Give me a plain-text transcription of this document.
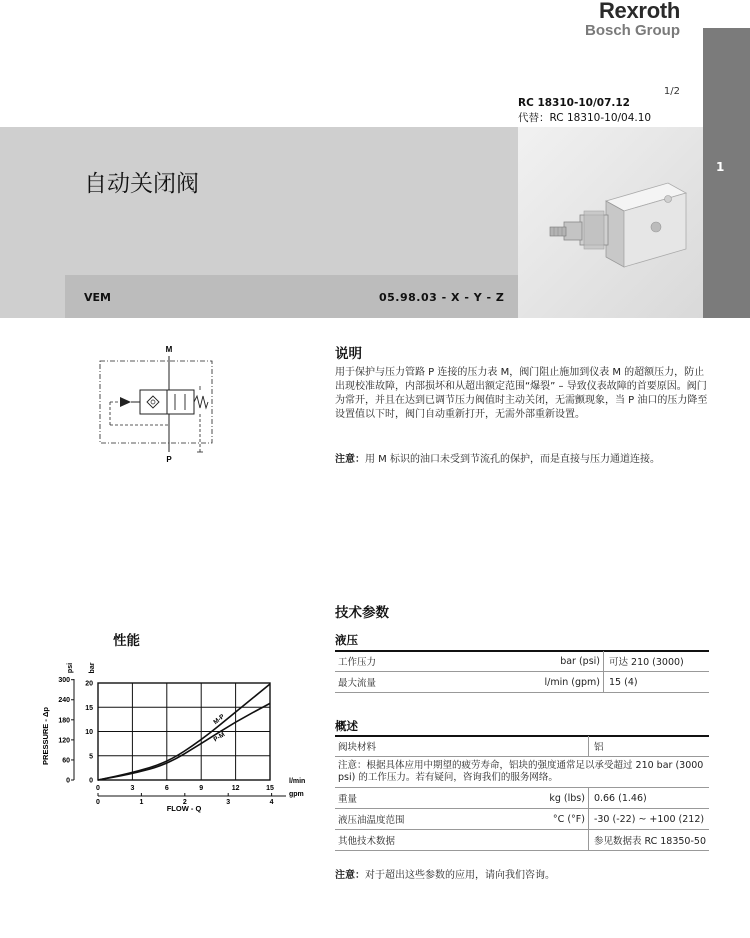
Rexroth
Bosch Group
1
1/2
RC 18310-10/07.12
代替：RC 18310-10/04.10
自动关闭阀
VEM	05.98.03 - X - Y - Z
M
P
说明
用于保护与压力管路 P 连接的压力表 M，阀门阻止施加到仪表 M 的超额压力，防止出现校准故障，内部损坏和从超出额定范围“爆裂” – 导致仪表故障的首要原因。阀门为常开，并且在达到已调节压力阀值时主动关闭，无需颤现象，当 P 油口的压力降至设置值以下时，阀门自动重新打开，无需外部重新设置。
注意：用 M 标识的油口未受到节流孔的保护，而是直接与压力通道连接。
性能
0	3	6	9	12	15
0
5
10
15
20
0
60
120
180
240
300
0	1	2	3	4
M-P
P-M
PRESSURE - Δp
psi bar
l/min
gpm
FLOW - Q
技术参数
液压
工作压力	bar (psi)	可达 210 (3000)
最大流量	l/min (gpm)	15 (4)
概述
阀块材料		铝
注意：根据具体应用中期望的疲劳寿命，铝块的强度通常足以承受超过 210 bar (3000 psi) 的工作压力。若有疑问，咨询我们的服务网络。		
重量	kg (lbs)	0.66 (1.46)
液压油温度范围	°C (°F)	-30 (-22) ~ +100 (212)
其他技术数据		参见数据表 RC 18350-50
注意：对于超出这些参数的应用，请向我们咨询。
